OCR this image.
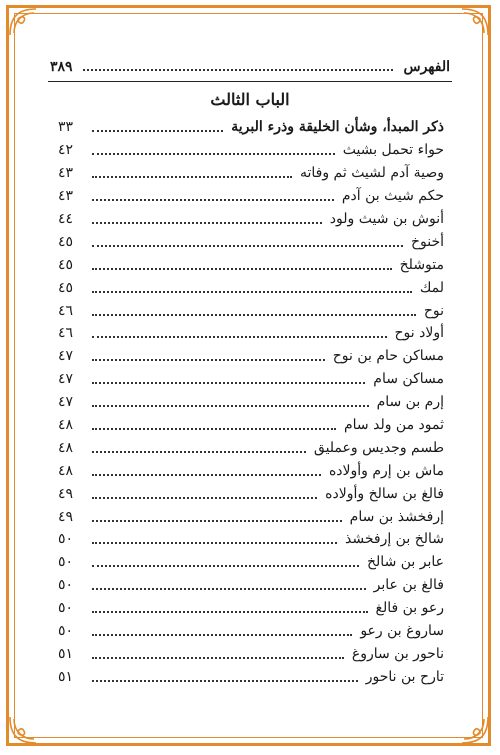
الفهرس
٣٨٩
الباب الثالث
ذكر المبدأ، وشأن الخليقة وذرء البرية
٣٣
حواء تحمل بشيث
٤٢
وصية آدم لشيث ثم وفاته
٤٣
حكم شيث بن آدم
٤٣
أنوش بن شيث ولود
٤٤
أخنوخ
٤٥
متوشلخ
٤٥
لمك
٤٥
نوح
٤٦
أولاد نوح
٤٦
مساكن حام بن نوح
٤٧
مساكن سام
٤٧
إرم بن سام
٤٧
ثمود من ولد سام
٤٨
طسم وجديس وعمليق
٤٨
ماش بن إرم وأولاده
٤٨
فالغ بن سالخ وأولاده
٤٩
إرفخشذ بن سام
٤٩
شالخ بن إرفخشذ
٥٠
عابر بن شالخ
٥٠
فالغ بن عابر
٥٠
رعو بن فالغ
٥٠
ساروغ بن رعو
٥٠
ناحور بن ساروغ
٥١
تارح بن ناحور
٥١
